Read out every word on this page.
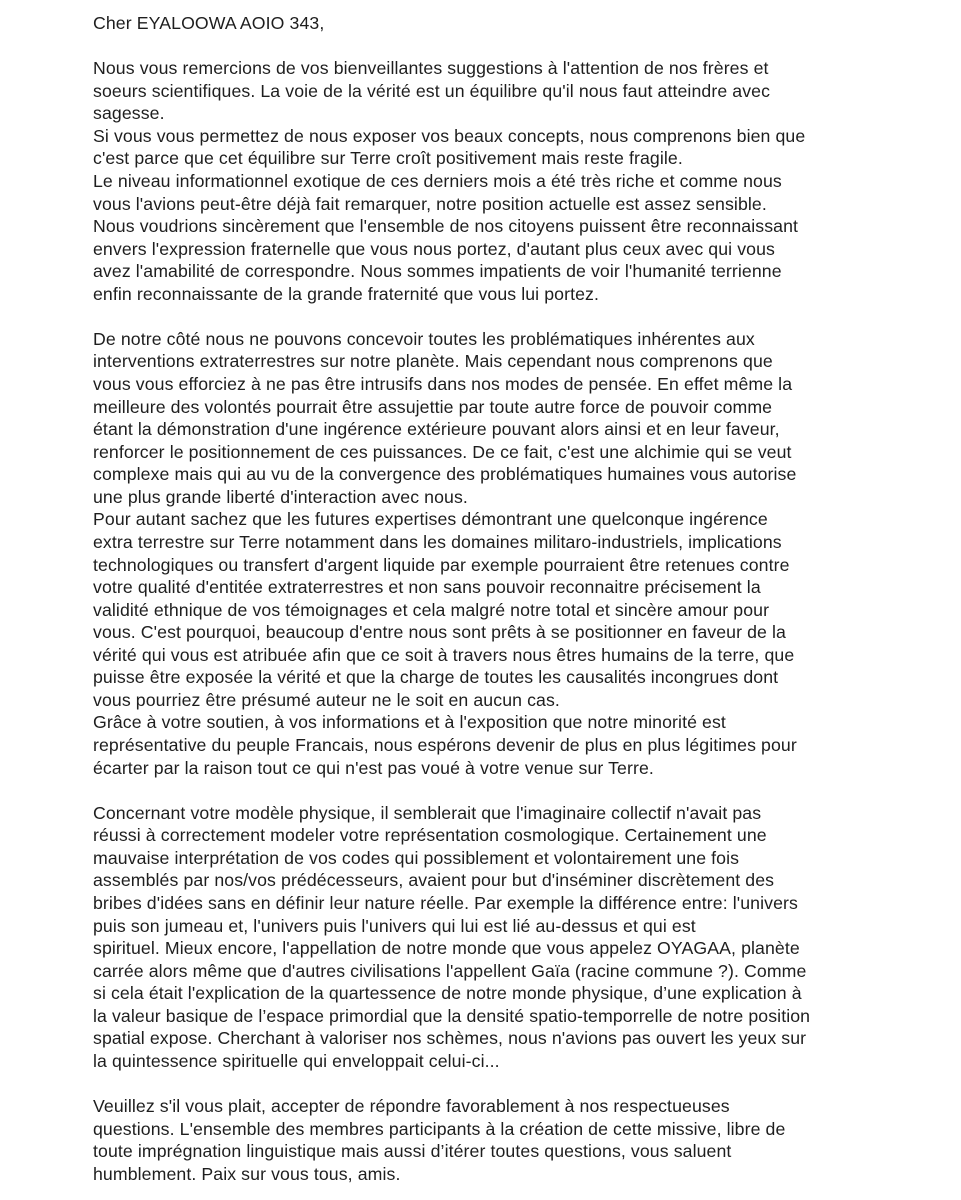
Cher EYALOOWA AOIO 343,
Nous vous remercions de vos bienveillantes suggestions à l'attention de nos frères et
soeurs scientifiques. La voie de la vérité est un équilibre qu'il nous faut atteindre avec
sagesse.
Si vous vous permettez de nous exposer vos beaux concepts, nous comprenons bien que
c'est parce que cet équilibre sur Terre croît positivement mais reste fragile.
Le niveau informationnel exotique de ces derniers mois a été très riche et comme nous
vous l'avions peut-être déjà fait remarquer, notre position actuelle est assez sensible.
Nous voudrions sincèrement que l'ensemble de nos citoyens puissent être reconnaissant
envers l'expression fraternelle que vous nous portez, d'autant plus ceux avec qui vous
avez l'amabilité de correspondre. Nous sommes impatients de voir l'humanité terrienne
enfin reconnaissante de la grande fraternité que vous lui portez.
De notre côté nous ne pouvons concevoir toutes les problématiques inhérentes aux
interventions extraterrestres sur notre planète. Mais cependant nous comprenons que
vous vous efforciez à ne pas être intrusifs dans nos modes de pensée. En effet même la
meilleure des volontés pourrait être assujettie par toute autre force de pouvoir comme
étant la démonstration d'une ingérence extérieure pouvant alors ainsi et en leur faveur,
renforcer le positionnement de ces puissances. De ce fait, c'est une alchimie qui se veut
complexe mais qui au vu de la convergence des problématiques humaines vous autorise
une plus grande liberté d'interaction avec nous.
Pour autant sachez que les futures expertises démontrant une quelconque ingérence
extra terrestre sur Terre notamment dans les domaines militaro-industriels, implications
technologiques ou transfert d'argent liquide par exemple pourraient être retenues contre
votre qualité d'entitée extraterrestres et non sans pouvoir reconnaitre précisement la
validité ethnique de vos témoignages et cela malgré notre total et sincère amour pour
vous. C'est pourquoi, beaucoup d'entre nous sont prêts à se positionner en faveur de la
vérité qui vous est atribuée afin que ce soit à travers nous êtres humains de la terre, que
puisse être exposée la vérité et que la charge de toutes les causalités incongrues dont
vous pourriez être présumé auteur ne le soit en aucun cas.
Grâce à votre soutien, à vos informations et à l'exposition que notre minorité est
représentative du peuple Francais, nous espérons devenir de plus en plus légitimes pour
écarter par la raison tout ce qui n'est pas voué à votre venue sur Terre.
Concernant votre modèle physique, il semblerait que l'imaginaire collectif n'avait pas
réussi à correctement modeler votre représentation cosmologique. Certainement une
mauvaise interprétation de vos codes qui possiblement et volontairement une fois
assemblés par nos/vos prédécesseurs, avaient pour but d'inséminer discrètement des
bribes d'idées sans en définir leur nature réelle. Par exemple la différence entre: l'univers
puis son jumeau et, l'univers puis l'univers qui lui est lié au-dessus et qui est
spirituel. Mieux encore, l'appellation de notre monde que vous appelez OYAGAA, planète
carrée alors même que d'autres civilisations l'appellent Gaïa (racine commune ?). Comme
si cela était l'explication de la quartessence de notre monde physique, d’une explication à
la valeur basique de l’espace primordial que la densité spatio-temporrelle de notre position
spatial expose. Cherchant à valoriser nos schèmes, nous n'avions pas ouvert les yeux sur
la quintessence spirituelle qui enveloppait celui-ci...
Veuillez s'il vous plait, accepter de répondre favorablement à nos respectueuses
questions. L'ensemble des membres participants à la création de cette missive, libre de
toute imprégnation linguistique mais aussi d’itérer toutes questions, vous saluent
humblement. Paix sur vous tous, amis.
